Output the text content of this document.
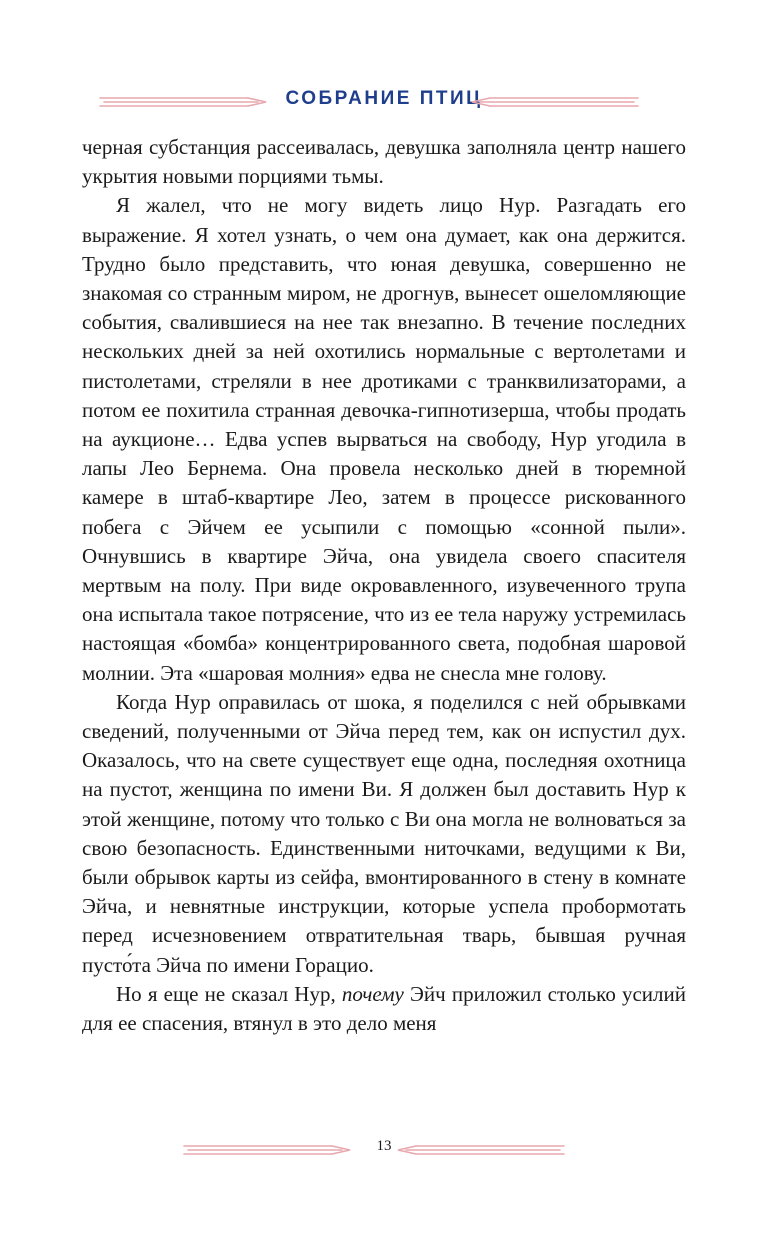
СОБРАНИЕ ПТИЦ

черная субстанция рассеивалась, девушка заполняла центр нашего укрытия новыми порциями тьмы.

Я жалел, что не могу видеть лицо Нур. Разгадать его выражение. Я хотел узнать, о чем она думает, как она держится. Трудно было представить, что юная девушка, совершенно не знакомая со странным миром, не дрогнув, вынесет ошеломляющие события, свалившиеся на нее так внезапно. В течение последних нескольких дней за ней охотились нормальные с вертолетами и пистолетами, стреляли в нее дротиками с транквилизаторами, а потом ее похитила странная девочка-гипнотизерша, чтобы продать на аукционе… Едва успев вырваться на свободу, Нур угодила в лапы Лео Бернема. Она провела несколько дней в тюремной камере в штаб-квартире Лео, затем в процессе рискованного побега с Эйчем ее усыпили с помощью «сонной пыли». Очнувшись в квартире Эйча, она увидела своего спасителя мертвым на полу. При виде окровавленного, изувеченного трупа она испытала такое потрясение, что из ее тела наружу устремилась настоящая «бомба» концентрированного света, подобная шаровой молнии. Эта «шаровая молния» едва не снесла мне голову.

Когда Нур оправилась от шока, я поделился с ней обрывками сведений, полученными от Эйча перед тем, как он испустил дух. Оказалось, что на свете существует еще одна, последняя охотница на пустот, женщина по имени Ви. Я должен был доставить Нур к этой женщине, потому что только с Ви она могла не волноваться за свою безопасность. Единственными ниточками, ведущими к Ви, были обрывок карты из сейфа, вмонтированного в стену в комнате Эйча, и невнятные инструкции, которые успела пробормотать перед исчезновением отвратительная тварь, бывшая ручная пусто́та Эйча по имени Горацио.

Но я еще не сказал Нур, почему Эйч приложил столько усилий для ее спасения, втянул в это дело меня

13
